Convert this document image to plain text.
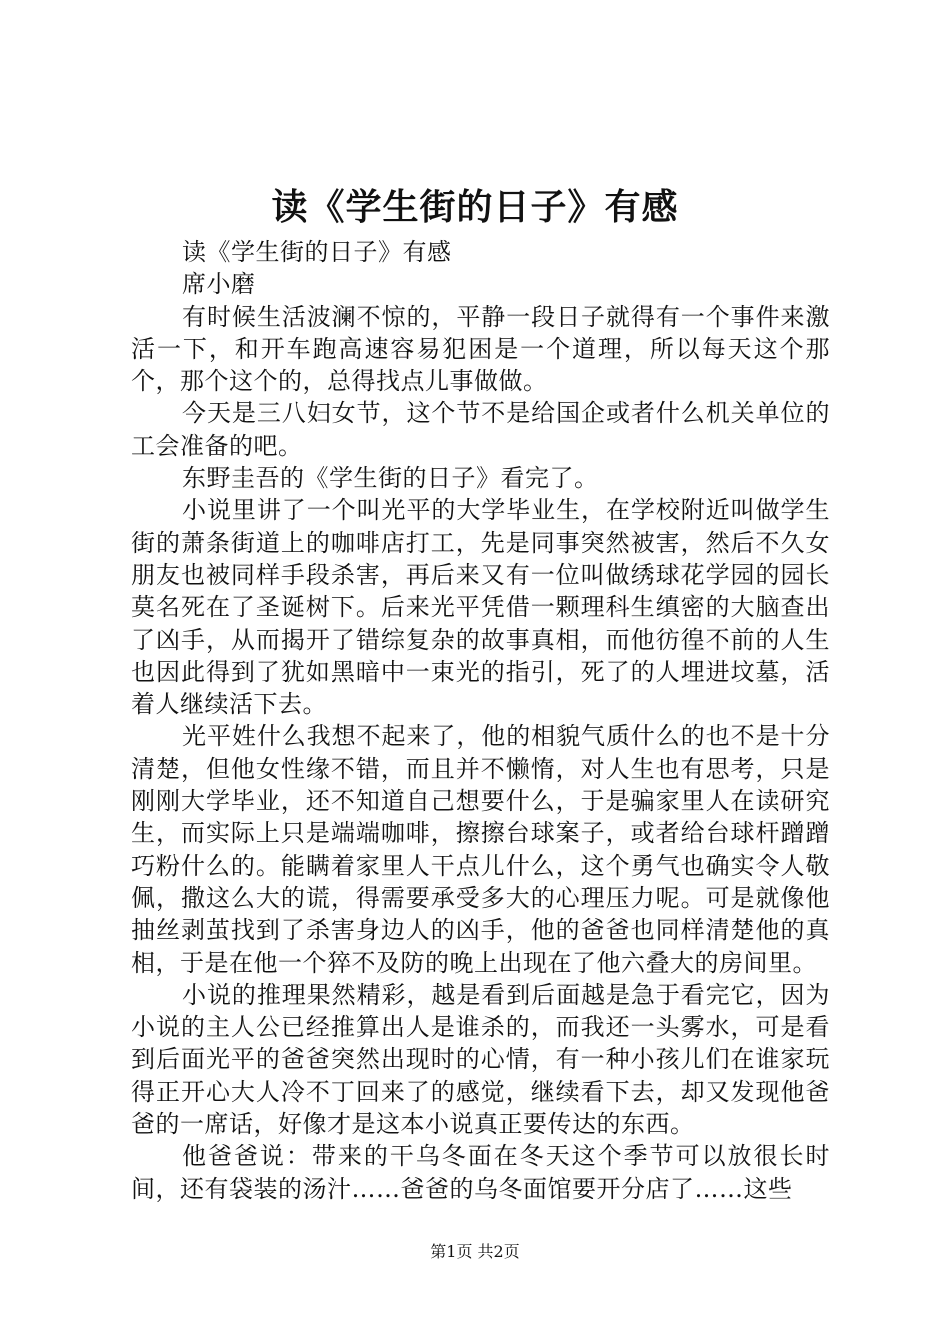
读《学生街的日子》有感

读《学生街的日子》有感

席小磨

有时候生活波澜不惊的，平静一段日子就得有一个事件来激活一下，和开车跑高速容易犯困是一个道理，所以每天这个那个，那个这个的，总得找点儿事做做。

今天是三八妇女节，这个节不是给国企或者什么机关单位的工会准备的吧。

东野圭吾的《学生街的日子》看完了。

小说里讲了一个叫光平的大学毕业生，在学校附近叫做学生街的萧条街道上的咖啡店打工，先是同事突然被害，然后不久女朋友也被同样手段杀害，再后来又有一位叫做绣球花学园的园长莫名死在了圣诞树下。后来光平凭借一颗理科生缜密的大脑查出了凶手，从而揭开了错综复杂的故事真相，而他彷徨不前的人生也因此得到了犹如黑暗中一束光的指引，死了的人埋进坟墓，活着人继续活下去。

光平姓什么我想不起来了，他的相貌气质什么的也不是十分清楚，但他女性缘不错，而且并不懒惰，对人生也有思考，只是刚刚大学毕业，还不知道自己想要什么，于是骗家里人在读研究生，而实际上只是端端咖啡，擦擦台球案子，或者给台球杆蹭蹭巧粉什么的。能瞒着家里人干点儿什么，这个勇气也确实令人敬佩，撒这么大的谎，得需要承受多大的心理压力呢。可是就像他抽丝剥茧找到了杀害身边人的凶手，他的爸爸也同样清楚他的真相，于是在他一个猝不及防的晚上出现在了他六叠大的房间里。

小说的推理果然精彩，越是看到后面越是急于看完它，因为小说的主人公已经推算出人是谁杀的，而我还一头雾水，可是看到后面光平的爸爸突然出现时的心情，有一种小孩儿们在谁家玩得正开心大人冷不丁回来了的感觉，继续看下去，却又发现他爸爸的一席话，好像才是这本小说真正要传达的东西。

他爸爸说：带来的干乌冬面在冬天这个季节可以放很长时间，还有袋装的汤汁……爸爸的乌冬面馆要开分店了……这些

第1页 共2页
